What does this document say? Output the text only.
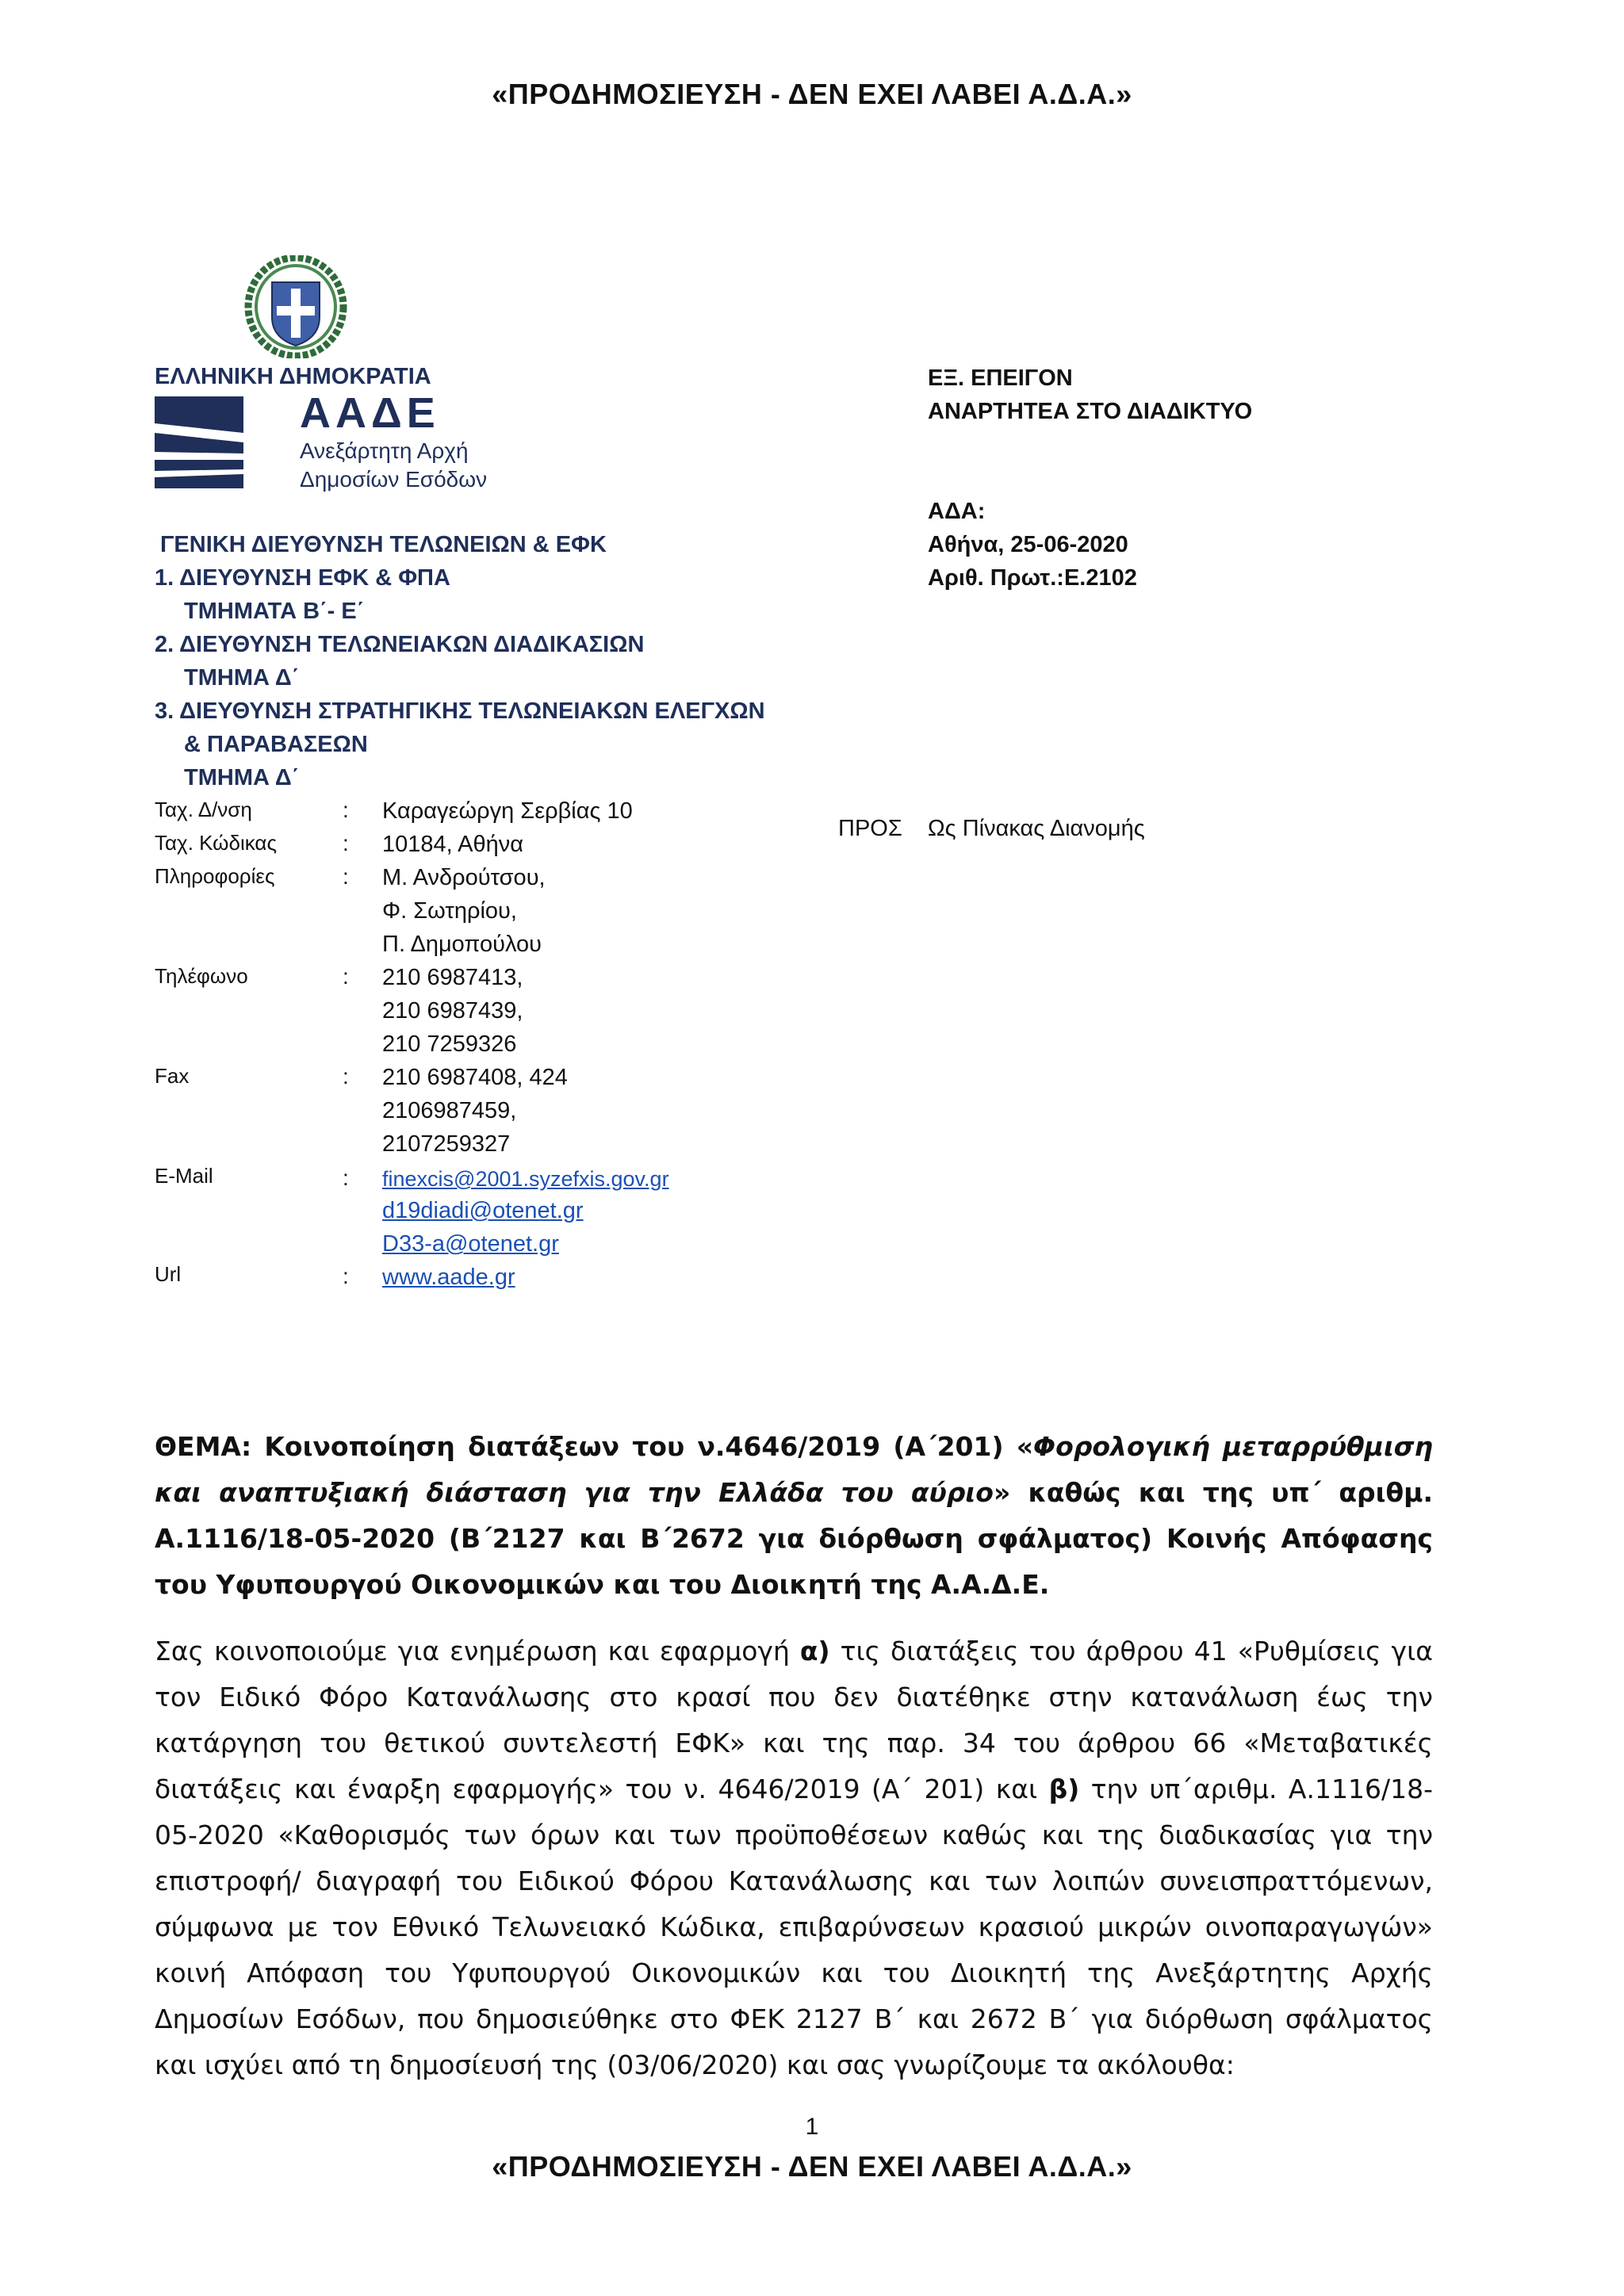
«ΠΡΟΔΗΜΟΣΙΕΥΣΗ - ΔΕΝ ΕΧΕΙ ΛΑΒΕΙ Α.Δ.Α.»
ΕΛΛΗΝΙΚΗ ΔΗΜΟΚΡΑΤΙΑ
ΑΑΔΕ
Ανεξάρτητη Αρχή
Δημοσίων Εσόδων
ΕΞ. ΕΠΕΙΓΟΝ
ΑΝΑΡΤΗΤΕΑ ΣΤΟ ΔΙΑΔΙΚΤΥΟ
ΑΔΑ:
Αθήνα, 25-06-2020
Αριθ. Πρωτ.:Ε.2102
ΓΕΝΙΚΗ ΔΙΕΥΘΥΝΣΗ ΤΕΛΩΝΕΙΩΝ & ΕΦΚ
1. ΔΙΕΥΘΥΝΣΗ ΕΦΚ & ΦΠΑ
ΤΜΗΜΑΤΑ Β΄- Ε΄
2. ΔΙΕΥΘΥΝΣΗ ΤΕΛΩΝΕΙΑΚΩΝ ΔΙΑΔΙΚΑΣΙΩΝ
ΤΜΗΜΑ Δ΄
3. ΔΙΕΥΘΥΝΣΗ ΣΤΡΑΤΗΓΙΚΗΣ ΤΕΛΩΝΕΙΑΚΩΝ ΕΛΕΓΧΩΝ
& ΠΑΡΑΒΑΣΕΩΝ
ΤΜΗΜΑ Δ΄
Ταχ. Δ/νση	: Καραγεώργη Σερβίας 10
Ταχ. Κώδικας	: 10184, Αθήνα
Πληροφορίες	: Μ. Ανδρούτσου,
Φ. Σωτηρίου,
Π. Δημοπούλου
Τηλέφωνο	: 210 6987413,
210 6987439,
210 7259326
Fax	: 210 6987408, 424
2106987459,
2107259327
E-Mail	: finexcis@2001.syzefxis.gov.gr
d19diadi@otenet.gr
D33-a@otenet.gr
Url	: www.aade.gr
ΠΡΟΣ Ως Πίνακας Διανομής
ΘΕΜΑ: Κοινοποίηση διατάξεων του ν.4646/2019 (Α΄201) «Φορολογική μεταρρύθμιση και αναπτυξιακή διάσταση για την Ελλάδα του αύριο» καθώς και της υπ΄ αριθμ. Α.1116/18-05-2020 (Β΄2127 και Β΄2672 για διόρθωση σφάλματος) Κοινής Απόφασης του Υφυπουργού Οικονομικών και του Διοικητή της Α.Α.Δ.Ε.
Σας κοινοποιούμε για ενημέρωση και εφαρμογή α) τις διατάξεις του άρθρου 41 «Ρυθμίσεις για τον Ειδικό Φόρο Κατανάλωσης στο κρασί που δεν διατέθηκε στην κατανάλωση έως την κατάργηση του θετικού συντελεστή ΕΦΚ» και της παρ. 34 του άρθρου 66 «Μεταβατικές διατάξεις και έναρξη εφαρμογής» του ν. 4646/2019 (Α΄ 201) και β) την υπ΄αριθμ. Α.1116/18-05-2020 «Καθορισμός των όρων και των προϋποθέσεων καθώς και της διαδικασίας για την επιστροφή/ διαγραφή του Ειδικού Φόρου Κατανάλωσης και των λοιπών συνεισπραττόμενων, σύμφωνα με τον Εθνικό Τελωνειακό Κώδικα, επιβαρύνσεων κρασιού μικρών οινοπαραγωγών» κοινή Απόφαση του Υφυπουργού Οικονομικών και του Διοικητή της Ανεξάρτητης Αρχής Δημοσίων Εσόδων, που δημοσιεύθηκε στο ΦΕΚ 2127 Β΄ και 2672 Β΄ για διόρθωση σφάλματος και ισχύει από τη δημοσίευσή της (03/06/2020) και σας γνωρίζουμε τα ακόλουθα:
1
«ΠΡΟΔΗΜΟΣΙΕΥΣΗ - ΔΕΝ ΕΧΕΙ ΛΑΒΕΙ Α.Δ.Α.»
